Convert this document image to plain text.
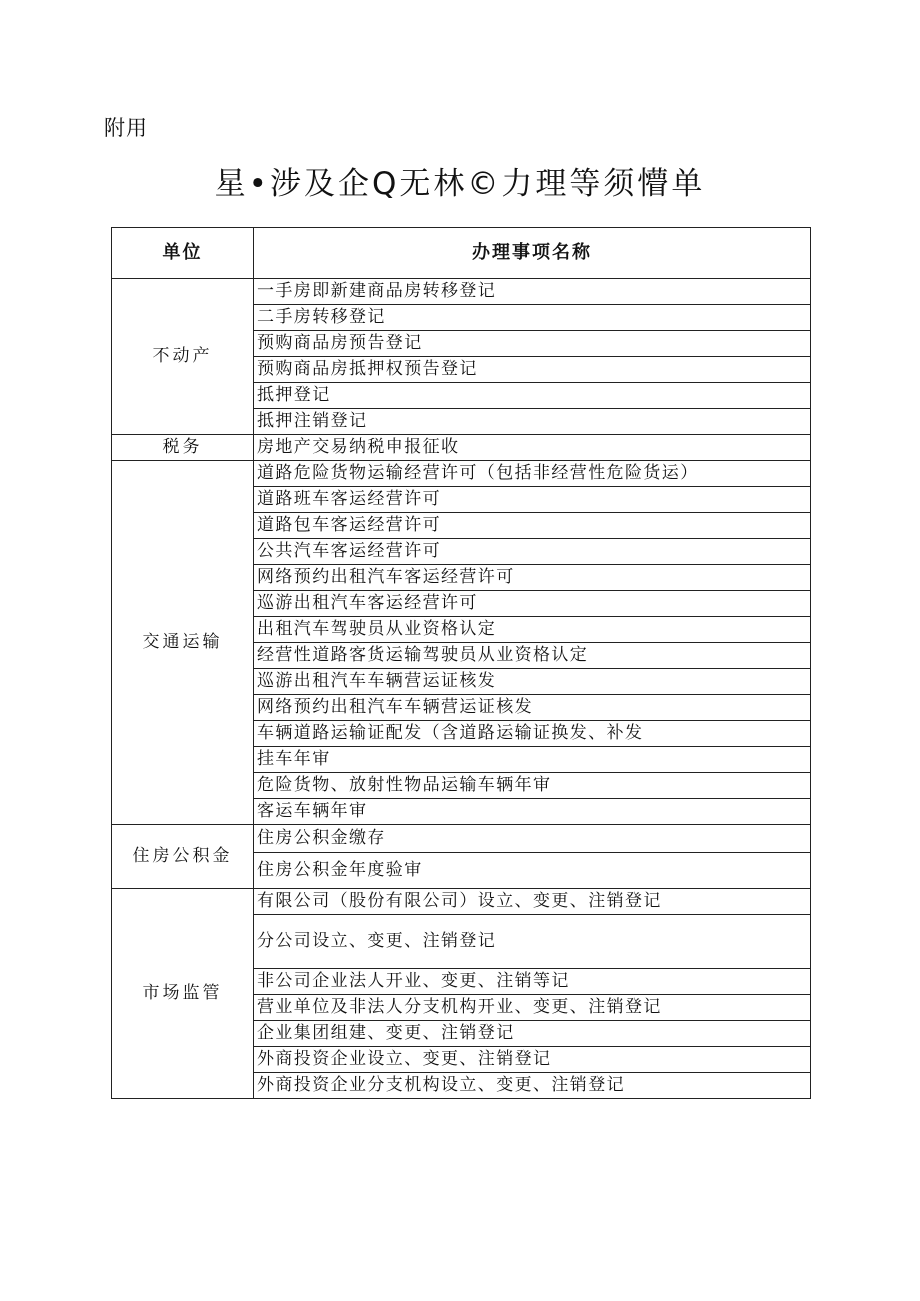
附用
星•涉及企Q无林©力理等须懵单
单位	办理事项名称
不动产	一手房即新建商品房转移登记
	二手房转移登记
	预购商品房预告登记
	预购商品房抵押权预告登记
	抵押登记
	抵押注销登记
税务	房地产交易纳税申报征收
交通运输	道路危险货物运输经营许可（包括非经营性危险货运）
	道路班车客运经营许可
	道路包车客运经营许可
	公共汽车客运经营许可
	网络预约出租汽车客运经营许可
	巡游出租汽车客运经营许可
	出租汽车驾驶员从业资格认定
	经营性道路客货运输驾驶员从业资格认定
	巡游出租汽车车辆营运证核发
	网络预约出租汽车车辆营运证核发
	车辆道路运输证配发（含道路运输证换发、补发
	挂车年审
	危险货物、放射性物品运输车辆年审
	客运车辆年审
住房公积金	住房公积金缴存
	住房公积金年度验审
市场监管	有限公司（股份有限公司）设立、变更、注销登记
	分公司设立、变更、注销登记
	非公司企业法人开业、变更、注销等记
	营业单位及非法人分支机构开业、变更、注销登记
	企业集团组建、变更、注销登记
	外商投资企业设立、变更、注销登记
	外商投资企业分支机构设立、变更、注销登记
